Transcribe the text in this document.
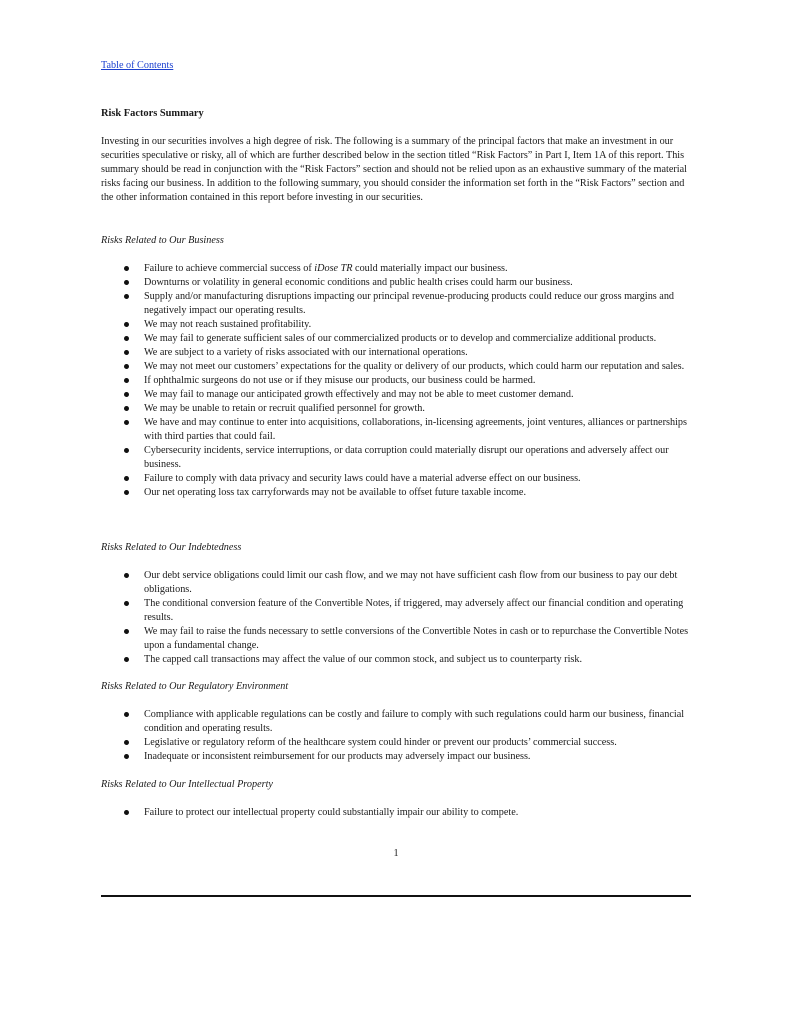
Table of Contents
Risk Factors Summary

Investing in our securities involves a high degree of risk. The following is a summary of the principal factors that make an investment in our securities speculative or risky, all of which are further described below in the section titled “Risk Factors” in Part I, Item 1A of this report. This summary should be read in conjunction with the “Risk Factors” section and should not be relied upon as an exhaustive summary of the material risks facing our business. In addition to the following summary, you should consider the information set forth in the “Risk Factors” section and the other information contained in this report before investing in our securities.

Risks Related to Our Business
Failure to achieve commercial success of iDose TR could materially impact our business.
Downturns or volatility in general economic conditions and public health crises could harm our business.
Supply and/or manufacturing disruptions impacting our principal revenue-producing products could reduce our gross margins and negatively impact our operating results.
We may not reach sustained profitability.
We may fail to generate sufficient sales of our commercialized products or to develop and commercialize additional products.
We are subject to a variety of risks associated with our international operations.
We may not meet our customers’ expectations for the quality or delivery of our products, which could harm our reputation and sales.
If ophthalmic surgeons do not use or if they misuse our products, our business could be harmed.
We may fail to manage our anticipated growth effectively and may not be able to meet customer demand.
We may be unable to retain or recruit qualified personnel for growth.
We have and may continue to enter into acquisitions, collaborations, in-licensing agreements, joint ventures, alliances or partnerships with third parties that could fail.
Cybersecurity incidents, service interruptions, or data corruption could materially disrupt our operations and adversely affect our business.
Failure to comply with data privacy and security laws could have a material adverse effect on our business.
Our net operating loss tax carryforwards may not be available to offset future taxable income.
Risks Related to Our Indebtedness
Our debt service obligations could limit our cash flow, and we may not have sufficient cash flow from our business to pay our debt obligations.
The conditional conversion feature of the Convertible Notes, if triggered, may adversely affect our financial condition and operating results.
We may fail to raise the funds necessary to settle conversions of the Convertible Notes in cash or to repurchase the Convertible Notes upon a fundamental change.
The capped call transactions may affect the value of our common stock, and subject us to counterparty risk.
Risks Related to Our Regulatory Environment
Compliance with applicable regulations can be costly and failure to comply with such regulations could harm our business, financial condition and operating results.
Legislative or regulatory reform of the healthcare system could hinder or prevent our products’ commercial success.
Inadequate or inconsistent reimbursement for our products may adversely impact our business.
Risks Related to Our Intellectual Property
Failure to protect our intellectual property could substantially impair our ability to compete.
1
